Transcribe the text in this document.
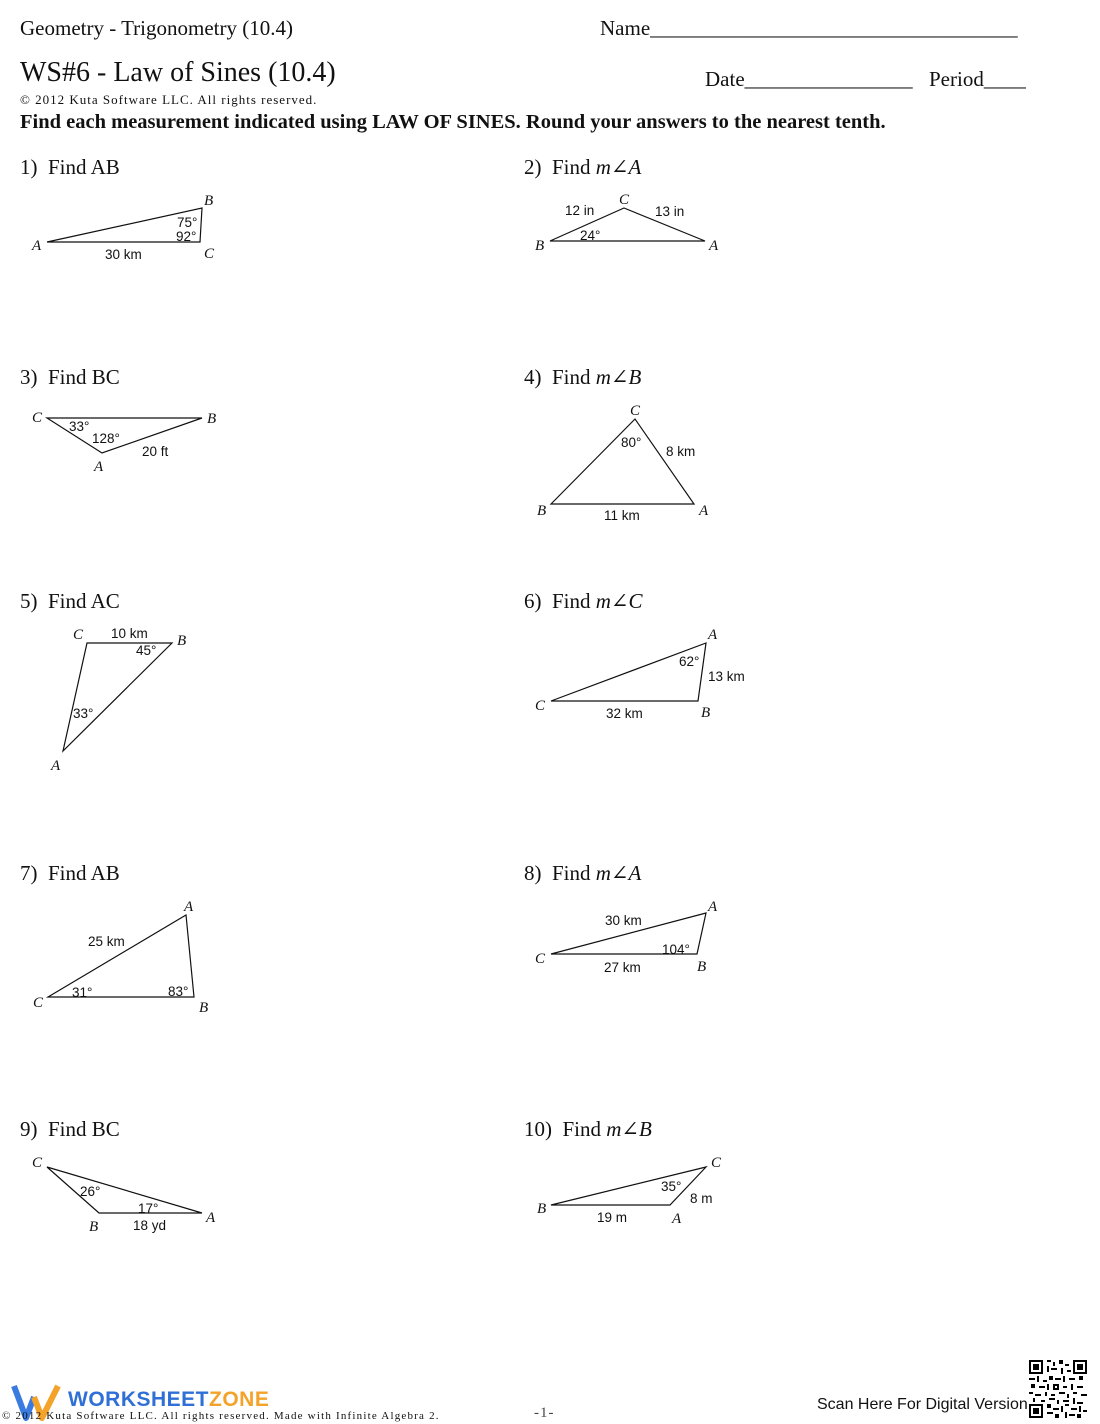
Geometry - Trigonometry (10.4)	Name___________________________________
WS#6 - Law of Sines (10.4)	Date________________ Period____
© 2012 Kuta Software LLC. All rights reserved.
Find each measurement indicated using LAW OF SINES. Round your answers to the nearest tenth.
1) Find AB	2) Find m∠A
3) Find BC	4) Find m∠B
5) Find AC	6) Find m∠C
7) Find AB	8) Find m∠A
9) Find BC	10) Find m∠B
A
B
C
75°
92°
30 km
C
B	A
12 in	13 in
24°
C	B
A
33°
128°
20 ft
C
B	A
80°
8 km
11 km
C	B
A
10 km
45°
33°
A
C	B
62°
13 km
32 km
A
C	B
25 km
31°	83°
A
C	B
30 km
104°
27 km
C
A
B
26°
17°
18 yd
C
B
A
35°
8 m
19 m
WORKSHEETZONE
© 2012 Kuta Software LLC. All rights reserved. Made with Infinite Algebra 2.	-1-	Scan Here For Digital Version
